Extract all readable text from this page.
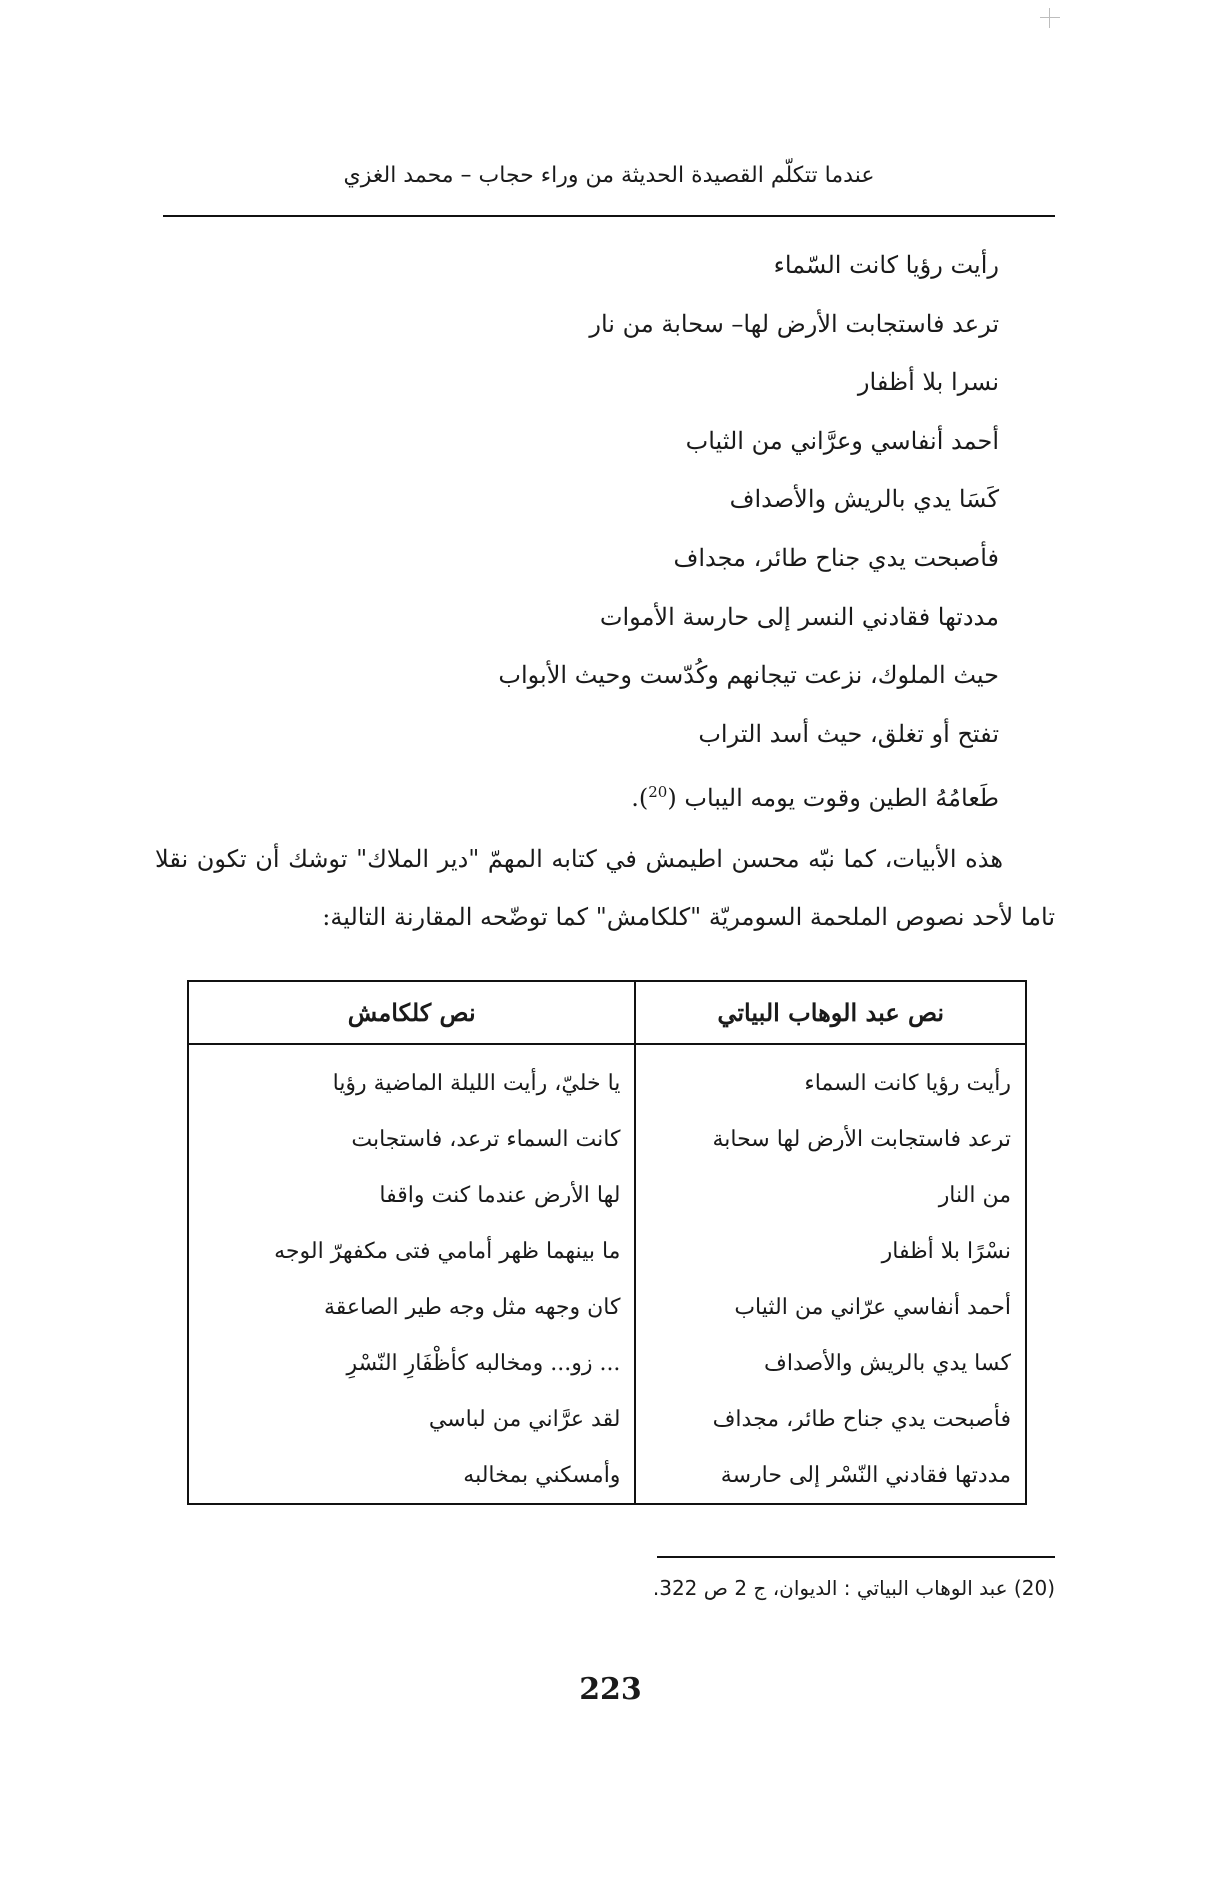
عندما تتكلّم القصيدة الحديثة من وراء حجاب – محمد الغزي
رأيت رؤيا كانت السّماء
ترعد فاستجابت الأرض لها– سحابة من نار
نسرا بلا أظفار
أحمد أنفاسي وعرَّاني من الثياب
كَسَا يدي بالريش والأصداف
فأصبحت يدي جناح طائر، مجداف
مددتها فقادني النسر إلى حارسة الأموات
حيث الملوك، نزعت تيجانهم وكُدّست وحيث الأبواب
تفتح أو تغلق، حيث أسد التراب
طَعامُهُ الطين وقوت يومه اليباب ($^{20}$).

هذه الأبيات، كما نبّه محسن اطيمش في كتابه المهمّ "دير الملاك" توشك أن تكون نقلا تاما لأحد نصوص الملحمة السومريّة "كلكامش" كما توضّحه المقارنة التالية:

نص عبد الوهاب البياتي	نص كلكامش
رأيت رؤيا كانت السماء	يا خليّ، رأيت الليلة الماضية رؤيا
ترعد فاستجابت الأرض لها سحابة	كانت السماء ترعد، فاستجابت
من النار	لها الأرض عندما كنت واقفا
نسْرًا بلا أظفار	ما بينهما ظهر أمامي فتى مكفهرّ الوجه
أحمد أنفاسي عرّاني من الثياب	كان وجهه مثل وجه طير الصاعقة
كسا يدي بالريش والأصداف	... زو... ومخالبه كأظْفَارِ النّسْرِ
فأصبحت يدي جناح طائر، مجداف	لقد عرَّاني من لباسي
مددتها فقادني النّسْر إلى حارسة	وأمسكني بمخالبه
(20) عبد الوهاب البياتي : الديوان، ج 2 ص 322.
223
